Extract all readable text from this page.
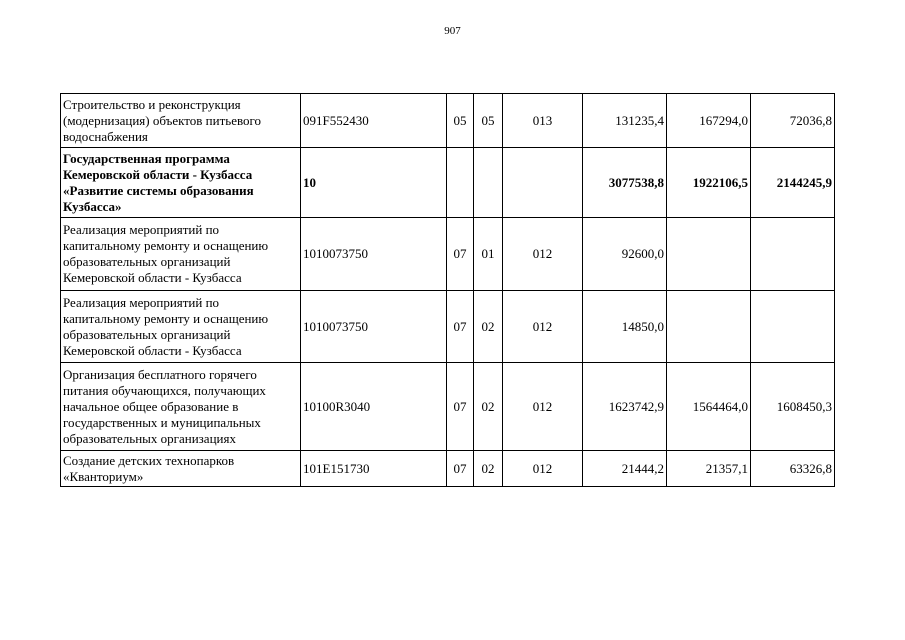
907
Строительство и реконструкция (модернизация) объектов питьевого водоснабжения	091F552430	05	05	013	131235,4	167294,0	72036,8
Государственная программа Кемеровской области - Кузбасса «Развитие системы образования Кузбасса»	10				3077538,8	1922106,5	2144245,9
Реализация мероприятий по капитальному ремонту и оснащению образовательных организаций Кемеровской области - Кузбасса	1010073750	07	01	012	92600,0		
Реализация мероприятий по капитальному ремонту и оснащению образовательных организаций Кемеровской области - Кузбасса	1010073750	07	02	012	14850,0		
Организация бесплатного горячего питания обучающихся, получающих начальное общее образование в государственных и муниципальных образовательных организациях	10100R3040	07	02	012	1623742,9	1564464,0	1608450,3
Создание детских технопарков «Кванториум»	101E151730	07	02	012	21444,2	21357,1	63326,8
